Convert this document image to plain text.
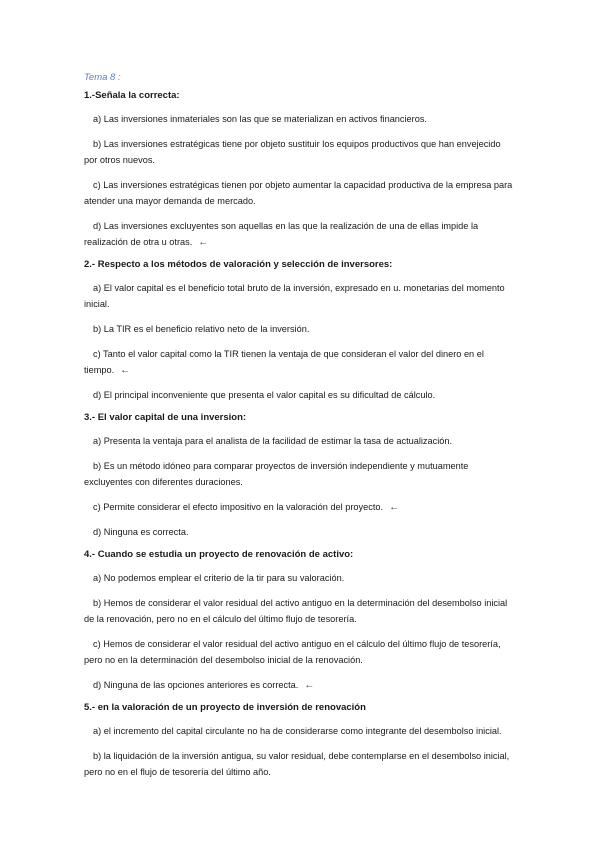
Tema 8 :
1.-Señala la correcta:
a) Las inversiones inmateriales son las que se materializan en activos financieros.
b) Las inversiones estratégicas tiene por objeto sustituir los equipos productivos que han envejecido por otros nuevos.
c) Las inversiones estratégicas tienen por objeto aumentar la capacidad productiva de la empresa para atender una mayor demanda de mercado.
d) Las inversiones excluyentes son aquellas en las que la realización de una de ellas impide la realización de otra u otras. ←
2.- Respecto a los métodos de valoración y selección de inversores:
a) El valor capital es el beneficio total bruto de la inversión, expresado en u. monetarias del momento inicial.
b) La TIR es el beneficio relativo neto de la inversión.
c) Tanto el valor capital como la TIR tienen la ventaja de que consideran el valor del dinero en el tiempo. ←
d) El principal inconveniente que presenta el valor capital es su dificultad de cálculo.
3.- El valor capital de una inversion:
a) Presenta la ventaja para el analista de la facilidad de estimar la tasa de actualización.
b) Es un método idóneo para comparar proyectos de inversión independiente y mutuamente excluyentes con diferentes duraciones.
c) Permite considerar el efecto impositivo en la valoración del proyecto. ←
d) Ninguna es correcta.
4.- Cuando se estudia un proyecto de renovación de activo:
a) No podemos emplear el criterio de la tir para su valoración.
b) Hemos de considerar el valor residual del activo antiguo en la determinación del desembolso inicial de la renovación, pero no en el cálculo del último flujo de tesorería.
c) Hemos de considerar el valor residual del activo antiguo en el cálculo del último flujo de tesorería, pero no en la determinación del desembolso inicial de la renovación.
d) Ninguna de las opciones anteriores es correcta. ←
5.- en la valoración de un proyecto de inversión de renovación
a) el incremento del capital circulante no ha de considerarse como integrante del desembolso inicial.
b) la liquidación de la inversión antigua, su valor residual, debe contemplarse en el desembolso inicial, pero no en el flujo de tesorería del último año.
